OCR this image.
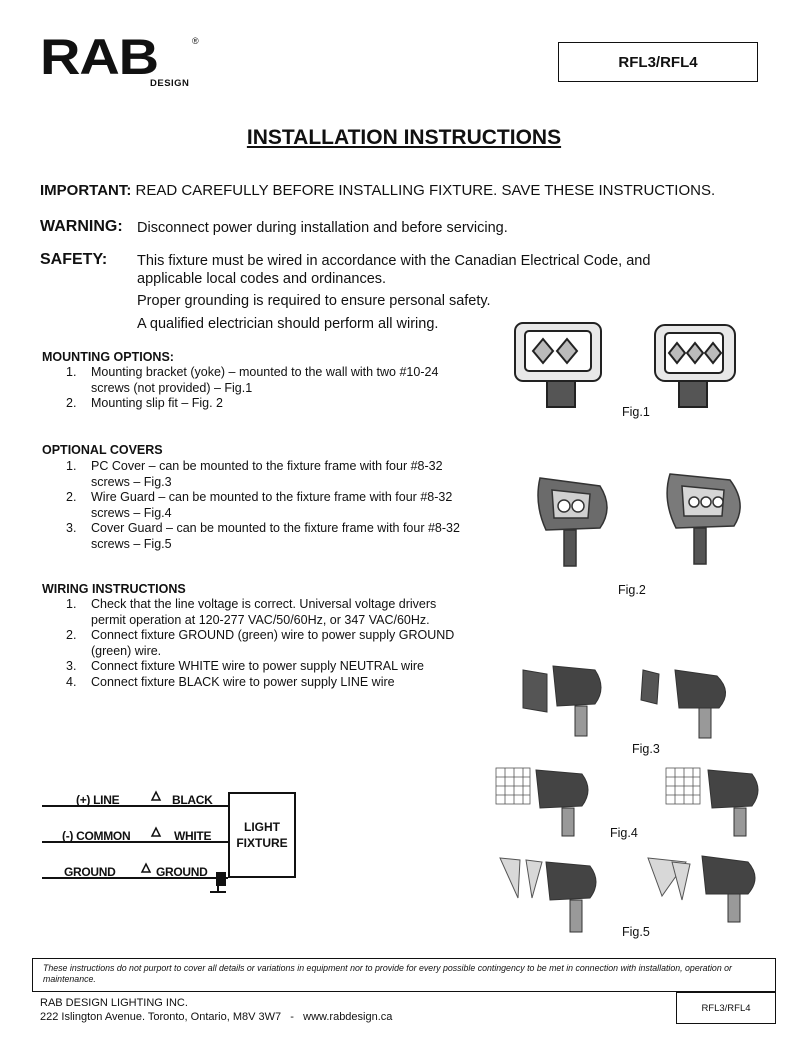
RAB	®
DESIGN
RFL3/RFL4
INSTALLATION INSTRUCTIONS
IMPORTANT: READ CAREFULLY BEFORE INSTALLING FIXTURE. SAVE THESE INSTRUCTIONS.
WARNING: Disconnect power during installation and before servicing.
SAFETY: This fixture must be wired in accordance with the Canadian Electrical Code, and
applicable local codes and ordinances.
Proper grounding is required to ensure personal safety.
A qualified electrician should perform all wiring.
MOUNTING OPTIONS:
1. Mounting bracket (yoke) – mounted to the wall with two #10-24
screws (not provided) – Fig.1
2. Mounting slip fit – Fig. 2
OPTIONAL COVERS
1. PC Cover – can be mounted to the fixture frame with four #8-32
screws – Fig.3
2. Wire Guard – can be mounted to the fixture frame with four #8-32
screws – Fig.4
3. Cover Guard – can be mounted to the fixture frame with four #8-32
screws – Fig.5
WIRING INSTRUCTIONS
1. Check that the line voltage is correct. Universal voltage drivers
permit operation at 120-277 VAC/50/60Hz, or 347 VAC/60Hz.
2. Connect fixture GROUND (green) wire to power supply GROUND
(green) wire.
3. Connect fixture WHITE wire to power supply NEUTRAL wire
4. Connect fixture BLACK wire to power supply LINE wire
Fig.1
Fig.2
Fig.3
Fig.4
Fig.5
(+) LINE	BLACK
(-) COMMON	WHITE
GROUND	GROUND
LIGHT
FIXTURE
These instructions do not purport to cover all details or variations in equipment nor to provide for every possible contingency to be met in connection with installation, operation or maintenance.
RAB DESIGN LIGHTING INC.
222 Islington Avenue. Toronto, Ontario, M8V 3W7   -   www.rabdesign.ca
RFL3/RFL4
